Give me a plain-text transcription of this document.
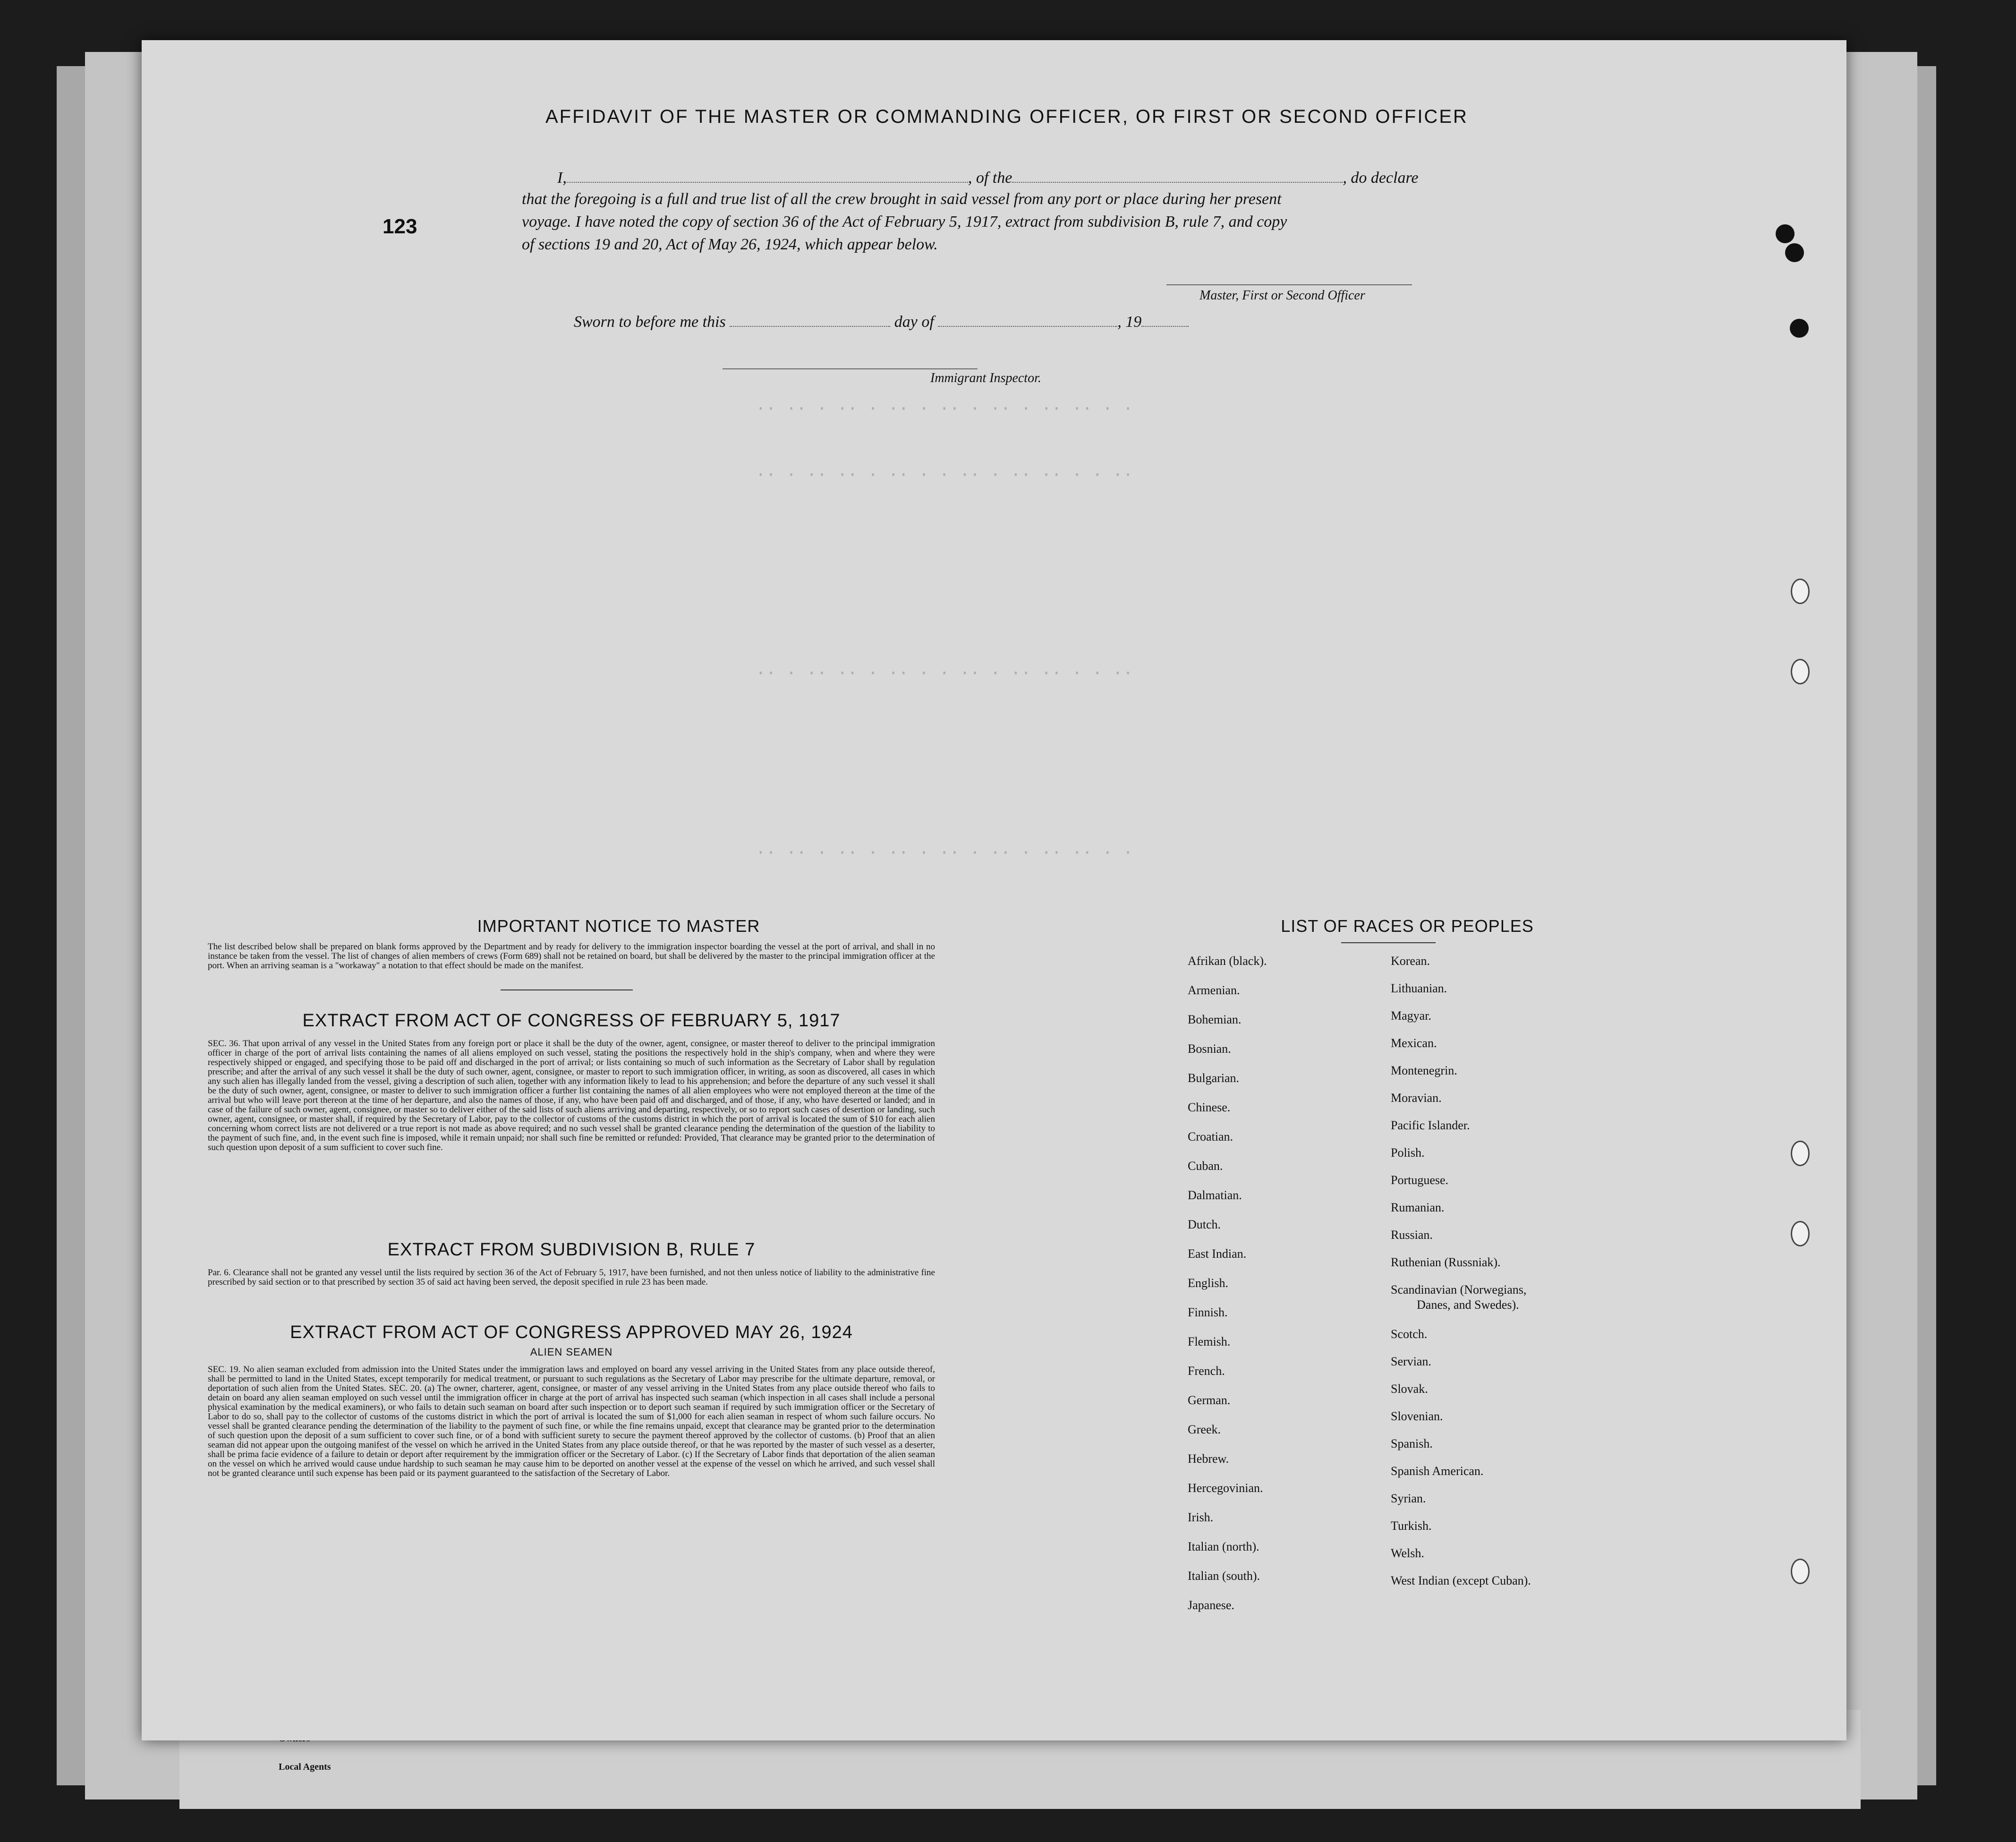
Local Agents
·· ·· · ·· · ·· · ·· · ·· · ·· ·· · ·
·· · ·· ·· · ·· · · ·· · ·· ·· · · ··
·· · ·· ·· · ·· · · ·· · ·· ·· · · ··
·· ·· · ·· · ·· · ·· · ·· · ·· ·· · ·
123
AFFIDAVIT OF THE MASTER OR COMMANDING OFFICER, OR FIRST OR SECOND OFFICER
I,	, of the	, do declare
that the foregoing is a full and true list of all the crew brought in said vessel from any port or place during her present
voyage. I have noted the copy of section 36 of the Act of February 5, 1917, extract from subdivision B, rule 7, and copy
of sections 19 and 20, Act of May 26, 1924, which appear below.
Master, First or Second Officer
Sworn to before me this	day of	, 19
Immigrant Inspector.
IMPORTANT NOTICE TO MASTER
The list described below shall be prepared on blank forms approved by the Department and by ready for delivery to the immigration inspector boarding the vessel at the port of arrival, and shall in no instance be taken from the vessel. The list of changes of alien members of crews (Form 689) shall not be retained on board, but shall be delivered by the master to the principal immigration officer at the port. When an arriving seaman is a "workaway" a notation to that effect should be made on the manifest.
EXTRACT FROM ACT OF CONGRESS OF FEBRUARY 5, 1917
SEC. 36. That upon arrival of any vessel in the United States from any foreign port or place it shall be the duty of the owner, agent, consignee, or master thereof to deliver to the principal immigration officer in charge of the port of arrival lists containing the names of all aliens employed on such vessel, stating the positions the respectively hold in the ship's company, when and where they were respectively shipped or engaged, and specifying those to be paid off and discharged in the port of arrival; or lists containing so much of such information as the Secretary of Labor shall by regulation prescribe; and after the arrival of any such vessel it shall be the duty of such owner, agent, consignee, or master to report to such immigration officer, in writing, as soon as discovered, all cases in which any such alien has illegally landed from the vessel, giving a description of such alien, together with any information likely to lead to his apprehension; and before the departure of any such vessel it shall be the duty of such owner, agent, consignee, or master to deliver to such immigration officer a further list containing the names of all alien employees who were not employed thereon at the time of the arrival but who will leave port thereon at the time of her departure, and also the names of those, if any, who have been paid off and discharged, and of those, if any, who have deserted or landed; and in case of the failure of such owner, agent, consignee, or master so to deliver either of the said lists of such aliens arriving and departing, respectively, or so to report such cases of desertion or landing, such owner, agent, consignee, or master shall, if required by the Secretary of Labor, pay to the collector of customs of the customs district in which the port of arrival is located the sum of $10 for each alien concerning whom correct lists are not delivered or a true report is not made as above required; and no such vessel shall be granted clearance pending the determination of the question of the liability to the payment of such fine, and, in the event such fine is imposed, while it remain unpaid; nor shall such fine be remitted or refunded: Provided, That clearance may be granted prior to the determination of such question upon deposit of a sum sufficient to cover such fine.
EXTRACT FROM SUBDIVISION B, RULE 7
Par. 6. Clearance shall not be granted any vessel until the lists required by section 36 of the Act of February 5, 1917, have been furnished, and not then unless notice of liability to the administrative fine prescribed by said section or to that prescribed by section 35 of said act having been served, the deposit specified in rule 23 has been made.
EXTRACT FROM ACT OF CONGRESS APPROVED MAY 26, 1924
ALIEN SEAMEN
SEC. 19. No alien seaman excluded from admission into the United States under the immigration laws and employed on board any vessel arriving in the United States from any place outside thereof, shall be permitted to land in the United States, except temporarily for medical treatment, or pursuant to such regulations as the Secretary of Labor may prescribe for the ultimate departure, removal, or deportation of such alien from the United States. SEC. 20. (a) The owner, charterer, agent, consignee, or master of any vessel arriving in the United States from any place outside thereof who fails to detain on board any alien seaman employed on such vessel until the immigration officer in charge at the port of arrival has inspected such seaman (which inspection in all cases shall include a personal physical examination by the medical examiners), or who fails to detain such seaman on board after such inspection or to deport such seaman if required by such immigration officer or the Secretary of Labor to do so, shall pay to the collector of customs of the customs district in which the port of arrival is located the sum of $1,000 for each alien seaman in respect of whom such failure occurs. No vessel shall be granted clearance pending the determination of the liability to the payment of such fine, or while the fine remains unpaid, except that clearance may be granted prior to the determination of such question upon the deposit of a sum sufficient to cover such fine, or of a bond with sufficient surety to secure the payment thereof approved by the collector of customs. (b) Proof that an alien seaman did not appear upon the outgoing manifest of the vessel on which he arrived in the United States from any place outside thereof, or that he was reported by the master of such vessel as a deserter, shall be prima facie evidence of a failure to detain or deport after requirement by the immigration officer or the Secretary of Labor. (c) If the Secretary of Labor finds that deportation of the alien seaman on the vessel on which he arrived would cause undue hardship to such seaman he may cause him to be deported on another vessel at the expense of the vessel on which he arrived, and such vessel shall not be granted clearance until such expense has been paid or its payment guaranteed to the satisfaction of the Secretary of Labor.
LIST OF RACES OR PEOPLES
Afrikan (black).
Armenian.
Bohemian.
Bosnian.
Bulgarian.
Chinese.
Croatian.
Cuban.
Dalmatian.
Dutch.
East Indian.
English.
Finnish.
Flemish.
French.
German.
Greek.
Hebrew.
Hercegovinian.
Irish.
Italian (north).
Italian (south).
Japanese.
Korean.
Lithuanian.
Magyar.
Mexican.
Montenegrin.
Moravian.
Pacific Islander.
Polish.
Portuguese.
Rumanian.
Russian.
Ruthenian (Russniak).
Scandinavian (Norwegians,
Danes, and Swedes).
Scotch.
Servian.
Slovak.
Slovenian.
Spanish.
Spanish American.
Syrian.
Turkish.
Welsh.
West Indian (except Cuban).
